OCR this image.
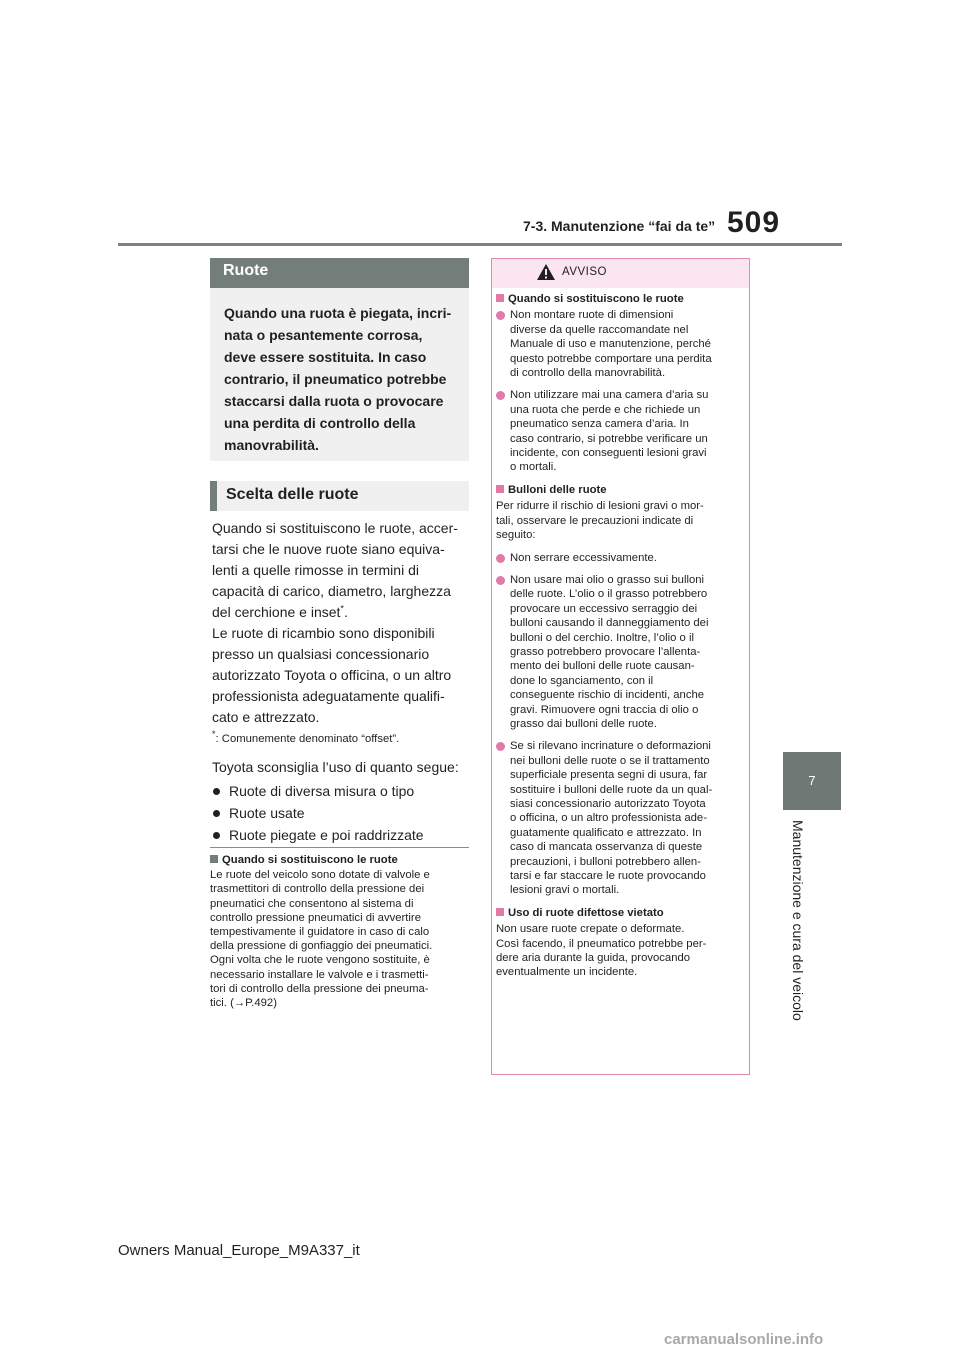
509
7-3. Manutenzione “fai da te”
7
Manutenzione e cura del veicolo
Ruote
Quando una ruota è piegata, incri-
nata o pesantemente corrosa,
deve essere sostituita. In caso
contrario, il pneumatico potrebbe
staccarsi dalla ruota o provocare
una perdita di controllo della
manovrabilità.
Scelta delle ruote

Quando si sostituiscono le ruote, accer-
tarsi che le nuove ruote siano equiva-
lenti a quelle rimosse in termini di
capacità di carico, diametro, larghezza
del cerchione e inset*.

Le ruote di ricambio sono disponibili
presso un qualsiasi concessionario
autorizzato Toyota o officina, o un altro
professionista adeguatamente qualifi-
cato e attrezzato.

*: Comunemente denominato “offset”.

Toyota sconsiglia l’uso di quanto segue:

Ruote di diversa misura o tipo
Ruote usate
Ruote piegate e poi raddrizzate
Quando si sostituiscono le ruote
Le ruote del veicolo sono dotate di valvole e
trasmettitori di controllo della pressione dei
pneumatici che consentono al sistema di
controllo pressione pneumatici di avvertire
tempestivamente il guidatore in caso di calo
della pressione di gonfiaggio dei pneumatici.
Ogni volta che le ruote vengono sostituite, è
necessario installare le valvole e i trasmetti-
tori di controllo della pressione dei pneuma-
tici. (→P.492)
AVVISO
Quando si sostituiscono le ruote
Non montare ruote di dimensioni
diverse da quelle raccomandate nel
Manuale di uso e manutenzione, perché
questo potrebbe comportare una perdita
di controllo della manovrabilità.
Non utilizzare mai una camera d’aria su
una ruota che perde e che richiede un
pneumatico senza camera d’aria. In
caso contrario, si potrebbe verificare un
incidente, con conseguenti lesioni gravi
o mortali.
Bulloni delle ruote
Per ridurre il rischio di lesioni gravi o mor-
tali, osservare le precauzioni indicate di
seguito:
Non serrare eccessivamente.
Non usare mai olio o grasso sui bulloni
delle ruote. L’olio o il grasso potrebbero
provocare un eccessivo serraggio dei
bulloni causando il danneggiamento dei
bulloni o del cerchio. Inoltre, l’olio o il
grasso potrebbero provocare l’allenta-
mento dei bulloni delle ruote causan-
done lo sganciamento, con il
conseguente rischio di incidenti, anche
gravi. Rimuovere ogni traccia di olio o
grasso dai bulloni delle ruote.
Se si rilevano incrinature o deformazioni
nei bulloni delle ruote o se il trattamento
superficiale presenta segni di usura, far
sostituire i bulloni delle ruote da un qual-
siasi concessionario autorizzato Toyota
o officina, o un altro professionista ade-
guatamente qualificato e attrezzato. In
caso di mancata osservanza di queste
precauzioni, i bulloni potrebbero allen-
tarsi e far staccare le ruote provocando
lesioni gravi o mortali.
Uso di ruote difettose vietato
Non usare ruote crepate o deformate.
Così facendo, il pneumatico potrebbe per-
dere aria durante la guida, provocando
eventualmente un incidente.
Owners Manual_Europe_M9A337_it
carmanualsonline.info
